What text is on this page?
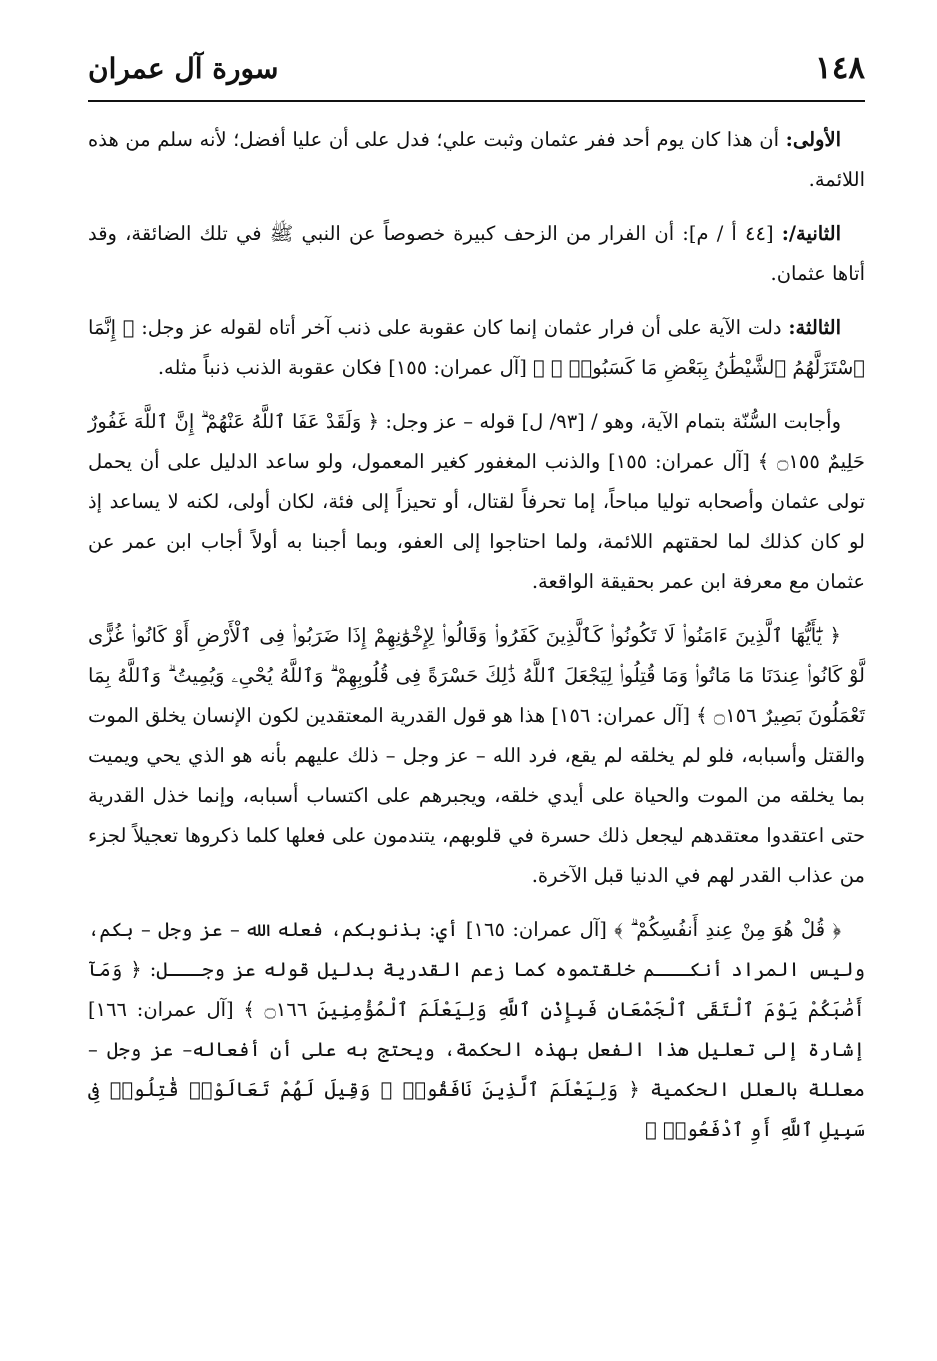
١٤٨
سورة آل عمران

الأولى: أن هذا كان يوم أحد ففر عثمان وثبت علي؛ فدل على أن عليا أفضل؛ لأنه سلم من هذه اللائمة.

الثانية/: [٤٤ أ / م]: أن الفرار من الزحف كبيرة خصوصاً عن النبي ﷺ في تلك الضائقة، وقد أتاها عثمان.

الثالثة: دلت الآية على أن فرار عثمان إنما كان عقوبة على ذنب آخر أتاه لقوله عز وجل: ﴿ إِنَّمَا ٱسْتَزَلَّهُمُ ٱلشَّيْطَٰنُ بِبَعْضِ مَا كَسَبُوا۟ ۖ ﴾ [آل عمران: ١٥٥] فكان عقوبة الذنب ذنباً مثله.

وأجابت السُّنّة بتمام الآية، وهو / [٩٣/ ل] قوله – عز وجل: ﴿ وَلَقَدْ عَفَا ٱللَّهُ عَنْهُمْ ۗ إِنَّ ٱللَّهَ غَفُورٌ حَلِيمٌ ۝١٥٥ ﴾ [آل عمران: ١٥٥] والذنب المغفور كغير المعمول، ولو ساعد الدليل على أن يحمل تولى عثمان وأصحابه توليا مباحاً، إما تحرفاً لقتال، أو تحيزاً إلى فئة، لكان أولى، لكنه لا يساعد إذ لو كان كذلك لما لحقتهم اللائمة، ولما احتاجوا إلى العفو، وبما أجبنا به أولاً أجاب ابن عمر عن عثمان مع معرفة ابن عمر بحقيقة الواقعة.

﴿ يَٰٓأَيُّهَا ٱلَّذِينَ ءَامَنُوا۟ لَا تَكُونُوا۟ كَٱلَّذِينَ كَفَرُوا۟ وَقَالُوا۟ لِإِخْوَٰنِهِمْ إِذَا ضَرَبُوا۟ فِى ٱلْأَرْضِ أَوْ كَانُوا۟ غُزًّى لَّوْ كَانُوا۟ عِندَنَا مَا مَاتُوا۟ وَمَا قُتِلُوا۟ لِيَجْعَلَ ٱللَّهُ ذَٰلِكَ حَسْرَةً فِى قُلُوبِهِمْ ۗ وَٱللَّهُ يُحْىِۦ وَيُمِيتُ ۗ وَٱللَّهُ بِمَا تَعْمَلُونَ بَصِيرٌ ۝١٥٦ ﴾ [آل عمران: ١٥٦] هذا هو قول القدرية المعتقدين لكون الإنسان يخلق الموت والقتل وأسبابه، فلو لم يخلقه لم يقع، فرد الله – عز وجل – ذلك عليهم بأنه هو الذي يحي ويميت بما يخلقه من الموت والحياة على أيدي خلقه، ويجبرهم على اكتساب أسبابه، وإنما خذل القدرية حتى اعتقدوا معتقدهم ليجعل ذلك حسرة في قلوبهم، يتندمون على فعلها كلما ذكروها تعجيلاً لجزء من عذاب القدر لهم في الدنيا قبل الآخرة.

﴿ قُلْ هُوَ مِنْ عِندِ أَنفُسِكُمْ ۗ ﴾ [آل عمران: ١٦٥] أي: بذنوبكم، فعله الله – عز وجل – بكم، وليس المراد أنكـــم خلقتموه كما زعم القدرية بدليل قوله عز وجـــل: ﴿ وَمَآ أَصَٰبَكُمْ يَوْمَ ٱلْتَقَى ٱلْجَمْعَانِ فَبِإِذْنِ ٱللَّهِ وَلِيَعْلَمَ ٱلْمُؤْمِنِينَ ۝١٦٦ ﴾ [آل عمران: ١٦٦] إشارة إلى تعليل هذا الفعل بهذه الحكمة، ويحتج به على أن أفعاله– عز وجل – معللة بالعلل الحكمية ﴿ وَلِيَعْلَمَ ٱلَّذِينَ نَافَقُوا۟ ۚ وَقِيلَ لَهُمْ تَعَالَوْا۟ قَٰتِلُوا۟ فِى سَبِيلِ ٱللَّهِ أَوِ ٱدْفَعُوا۟ ۖ
